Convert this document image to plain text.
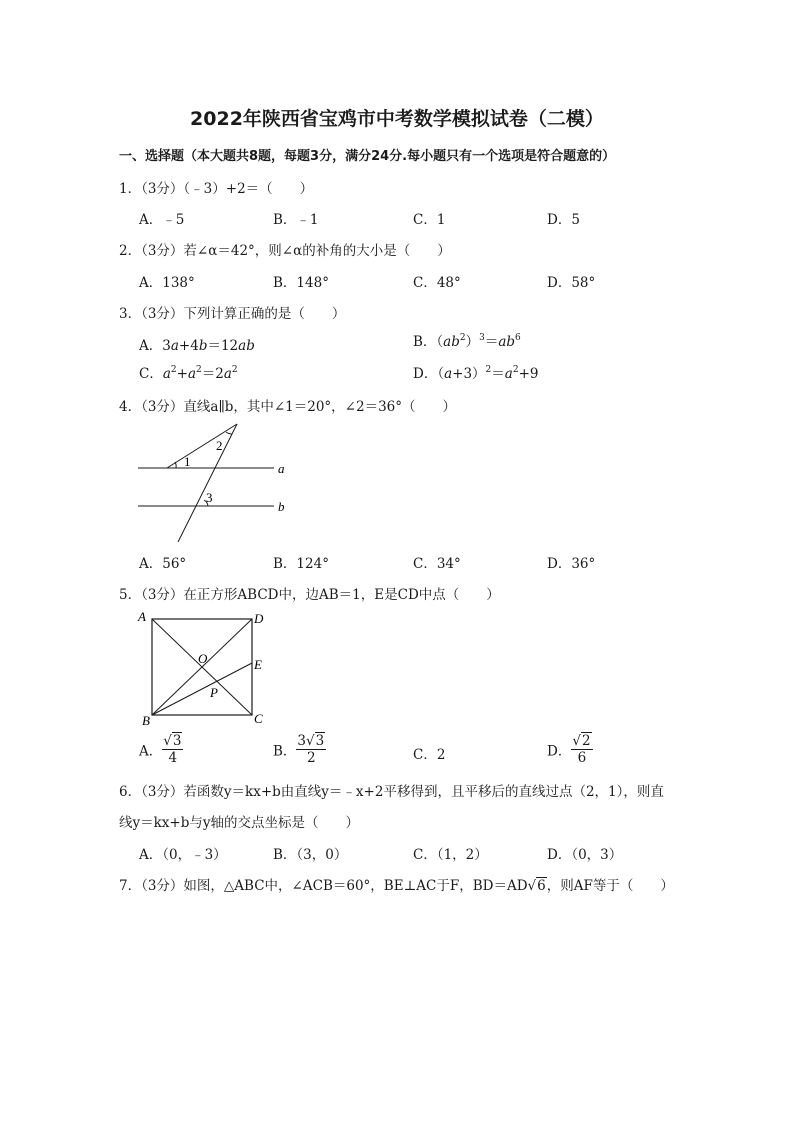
2022年陕西省宝鸡市中考数学模拟试卷（二模）
一、选择题（本大题共8题，每题3分，满分24分.每小题只有一个选项是符合题意的）
1．（3分）（﹣3）+2＝（　　）
A．﹣5	B．﹣1	C．1	D．5
2．（3分）若∠α＝42°，则∠α的补角的大小是（　　）
A．138°	B．148°	C．48°	D．58°
3．（3分）下列计算正确的是（　　）
A．3a+4b＝12ab	B．$(ab^2)^3=ab^6$
C．$a^2+a^2=2a^2$	D．$(a+3)^2=a^2+9$
4．（3分）直线a∥b，其中∠1＝20°，∠2＝36°（　　）
1
2
3
a
b
A．56°	B．124°	C．34°	D．36°
5．（3分）在正方形ABCD中，边AB＝1，E是CD中点（　　）
A	D
E
O
P
B	C
A． $\frac{√3}{4}$	B． $\frac{3√3}{2}$	C．2	D． $\frac{√2}{6}$
6．（3分）若函数y＝kx+b由直线y＝﹣x+2平移得到，且平移后的直线过点（2，1），则直
线y＝kx+b与y轴的交点坐标是（　　）
A．（0，﹣3）	B．（3，0）	C．（1，2）	D．（0，3）
7．（3分）如图，△ABC中，∠ACB＝60°，BE⊥AC于F，BD＝AD√6，则AF等于（　　）
